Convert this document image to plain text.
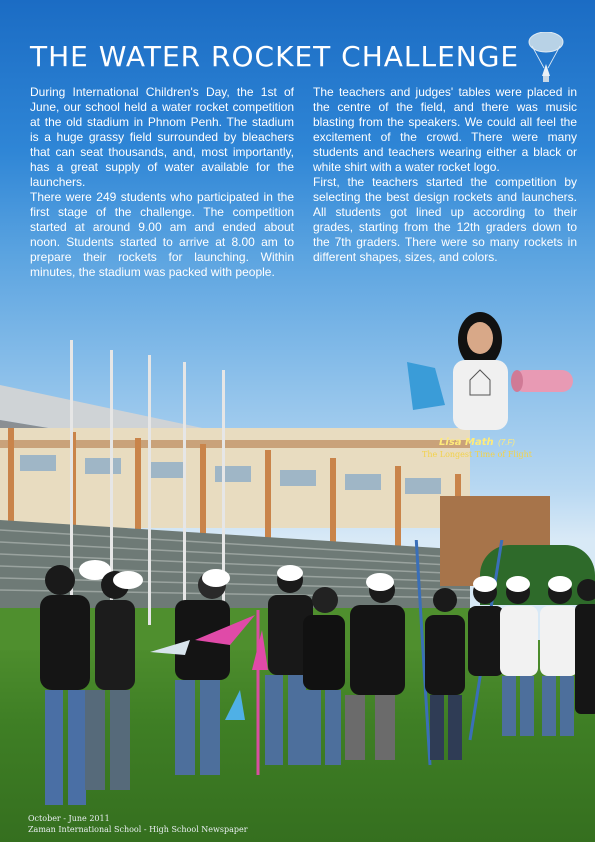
Lisa Math (7.F)
The Longest Time of Flight
THE WATER ROCKET CHALLENGE

During International Children's Day, the 1st of June, our school held a water rocket competition at the old stadium in Phnom Penh. The stadium is a huge grassy field surrounded by bleachers that can seat thousands, and, most importantly, has a great supply of water available for the launchers.

There were 249 students who participated in the first stage of the challenge. The competition started at around 9.00 am and ended about noon. Students started to arrive at 8.00 am to prepare their rockets for launching. Within minutes, the stadium was packed with people.

The teachers and judges' tables were placed in the centre of the field, and there was music blasting from the speakers. We could all feel the excitement of the crowd. There were many students and teachers wearing either a black or white shirt with a water rocket logo.

First, the teachers started the competition by selecting the best design rockets and launchers. All students got lined up according to their grades, starting from the 12th graders down to the 7th graders. There were so many rockets in different shapes, sizes, and colors.

October - June 2011
Zaman International School - High School Newspaper
